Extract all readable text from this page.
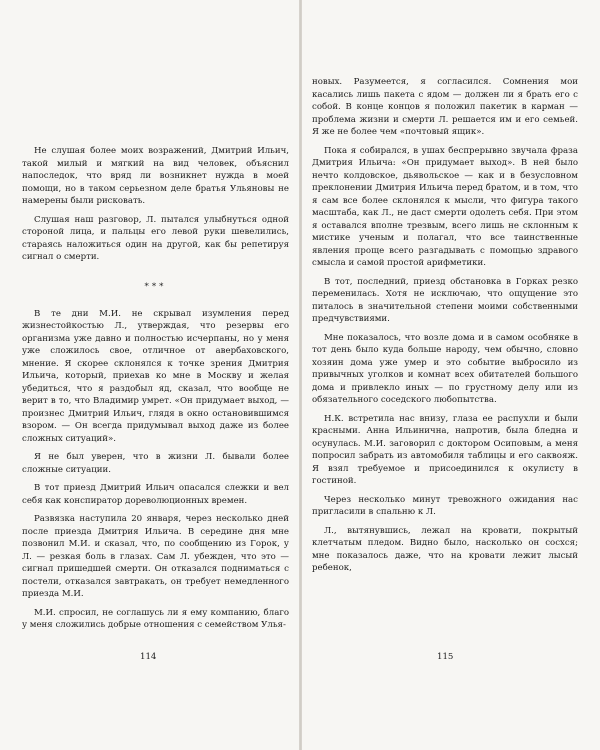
Не слушая более моих возражений, Дмитрий Ильич, такой милый и мягкий на вид человек, объяснил напоследок, что вряд ли возникнет нужда в моей помощи, но в таком серьезном деле братья Ульяновы не намерены были рисковать.

Слушая наш разговор, Л. пытался улыбнуться одной стороной лица, и пальцы его левой руки шевелились, стараясь наложиться один на другой, как бы репетируя сигнал о смерти.

***

В те дни М.И. не скрывал изумления перед жизнестойкостью Л., утверждая, что резервы его организма уже давно и полностью исчерпаны, но у меня уже сложилось свое, отличное от авербаховского, мнение. Я скорее склонялся к точке зрения Дмитрия Ильича, который, приехав ко мне в Москву и желая убедиться, что я раздобыл яд, сказал, что вообще не верит в то, что Владимир умрет. «Он придумает выход, — произнес Дмитрий Ильич, глядя в окно остановившимся взором. — Он всегда придумывал выход даже из более сложных ситуаций».

Я не был уверен, что в жизни Л. бывали более сложные ситуации.

В тот приезд Дмитрий Ильич опасался слежки и вел себя как конспиратор дореволюционных времен.

Развязка наступила 20 января, через несколько дней после приезда Дмитрия Ильича. В середине дня мне позвонил М.И. и сказал, что, по сообщению из Горок, у Л. — резкая боль в глазах. Сам Л. убежден, что это — сигнал пришедшей смерти. Он отказался подниматься с постели, отказался завтракать, он требует немедленного приезда М.И.

М.И. спросил, не соглашусь ли я ему компанию, благо у меня сложились добрые отношения с семейством Улья-

114

новых. Разумеется, я согласился. Сомнения мои касались лишь пакета с ядом — должен ли я брать его с собой. В конце концов я положил пакетик в карман — проблема жизни и смерти Л. решается им и его семьей. Я же не более чем «почтовый ящик».

Пока я собирался, в ушах беспрерывно звучала фраза Дмитрия Ильича: «Он придумает выход». В ней было нечто колдовское, дьявольское — как и в безусловном преклонении Дмитрия Ильича перед братом, и в том, что я сам все более склонялся к мысли, что фигура такого масштаба, как Л., не даст смерти одолеть себя. При этом я оставался вполне трезвым, всего лишь не склонным к мистике ученым и полагал, что все таинственные явления проще всего разгадывать с помощью здравого смысла и самой простой арифметики.

В тот, последний, приезд обстановка в Горках резко переменилась. Хотя не исключаю, что ощущение это питалось в значительной степени моими собственными предчувствиями.

Мне показалось, что возле дома и в самом особняке в тот день было куда больше народу, чем обычно, словно хозяин дома уже умер и это событие выбросило из привычных уголков и комнат всех обитателей большого дома и привлекло иных — по грустному делу или из обязательного соседского любопытства.

Н.К. встретила нас внизу, глаза ее распухли и были красными. Анна Ильинична, напротив, была бледна и осунулась. М.И. заговорил с доктором Осиповым, а меня попросил забрать из автомобиля таблицы и его саквояж. Я взял требуемое и присоединился к окулисту в гостиной.

Через несколько минут тревожного ожидания нас пригласили в спальню к Л.

Л., вытянувшись, лежал на кровати, покрытый клетчатым пледом. Видно было, насколько он сосхся; мне показалось даже, что на кровати лежит лысый ребенок,

115
